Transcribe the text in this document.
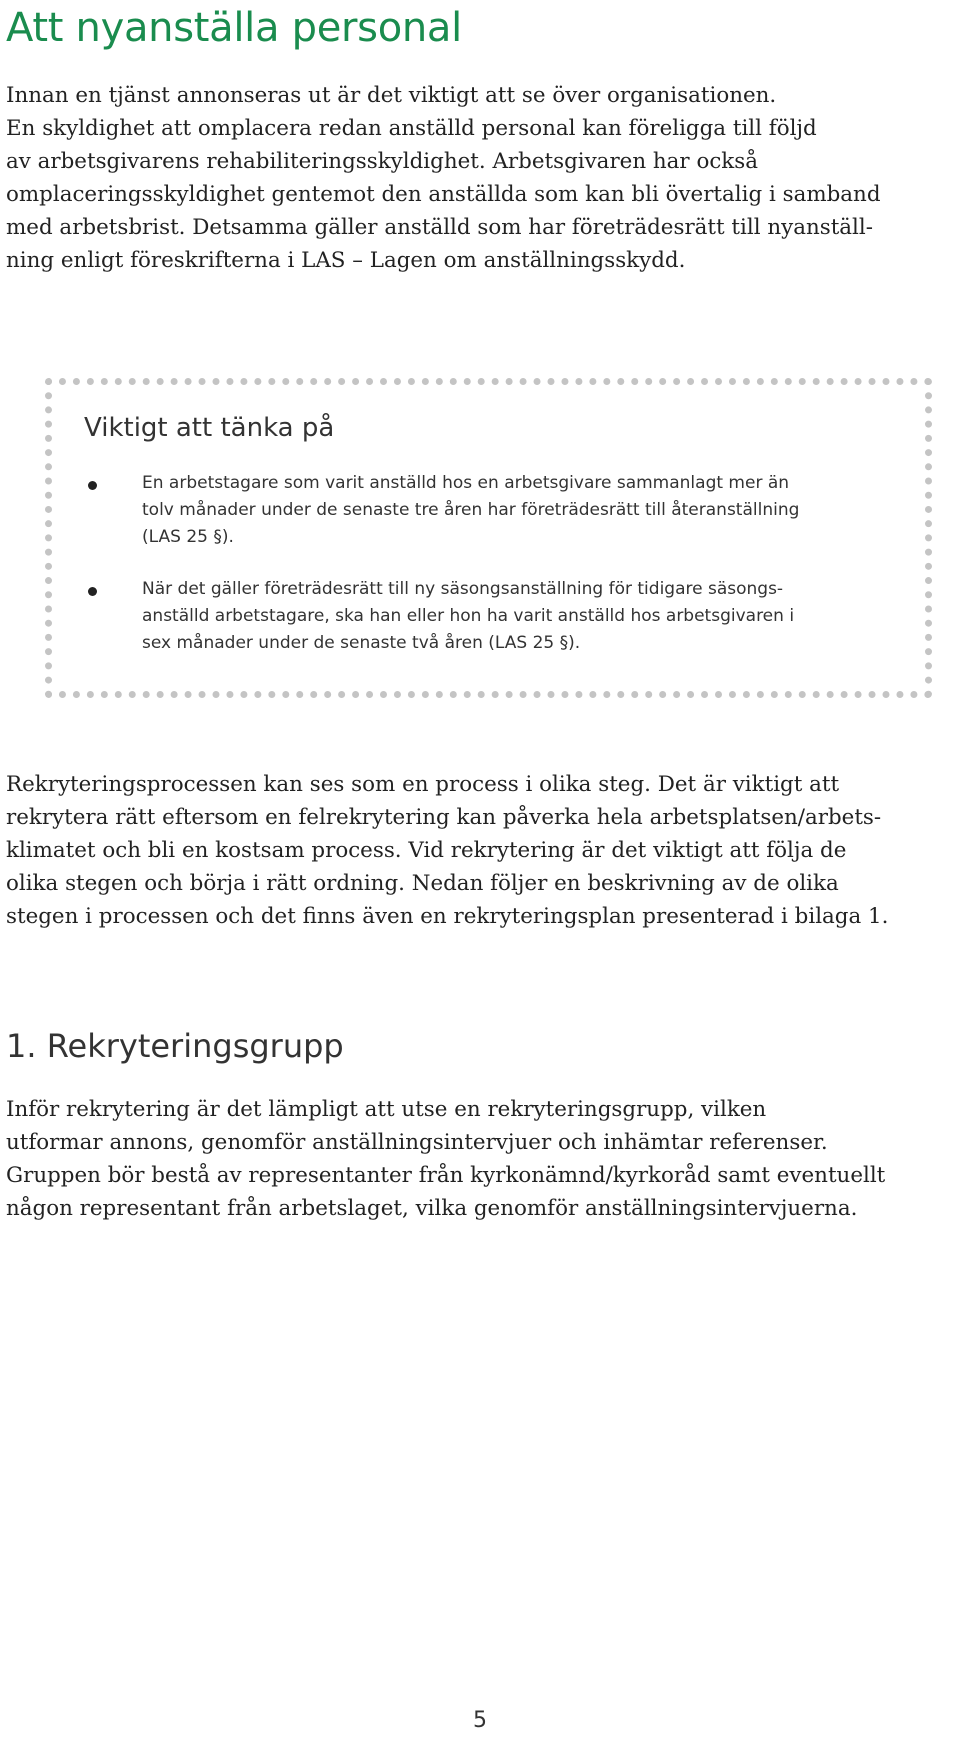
Att nyanställa personal

Innan en tjänst annonseras ut är det viktigt att se över organisationen.
En skyldighet att omplacera redan anställd personal kan föreligga till följd
av arbetsgivarens rehabiliteringsskyldighet. Arbetsgivaren har också
omplaceringsskyldighet gentemot den anställda som kan bli övertalig i samband
med arbetsbrist. Detsamma gäller anställd som har företrädesrätt till nyanställ-
ning enligt föreskrifterna i LAS – Lagen om anställningsskydd.

Viktigt att tänka på
En arbetstagare som varit anställd hos en arbetsgivare sammanlagt mer än
tolv månader under de senaste tre åren har företrädesrätt till återanställning
(LAS 25 §).
När det gäller företrädesrätt till ny säsongsanställning för tidigare säsongs-
anställd arbetstagare, ska han eller hon ha varit anställd hos arbetsgivaren i
sex månader under de senaste två åren (LAS 25 §).

Rekryteringsprocessen kan ses som en process i olika steg. Det är viktigt att
rekrytera rätt eftersom en felrekrytering kan påverka hela arbetsplatsen/arbets-
klimatet och bli en kostsam process. Vid rekrytering är det viktigt att följa de
olika stegen och börja i rätt ordning. Nedan följer en beskrivning av de olika
stegen i processen och det finns även en rekryteringsplan presenterad i bilaga 1.

1. Rekryteringsgrupp

Inför rekrytering är det lämpligt att utse en rekryteringsgrupp, vilken
utformar annons, genomför anställningsintervjuer och inhämtar referenser.
Gruppen bör bestå av representanter från kyrkonämnd/kyrkoråd samt eventuellt
någon representant från arbetslaget, vilka genomför anställningsintervjuerna.

5
